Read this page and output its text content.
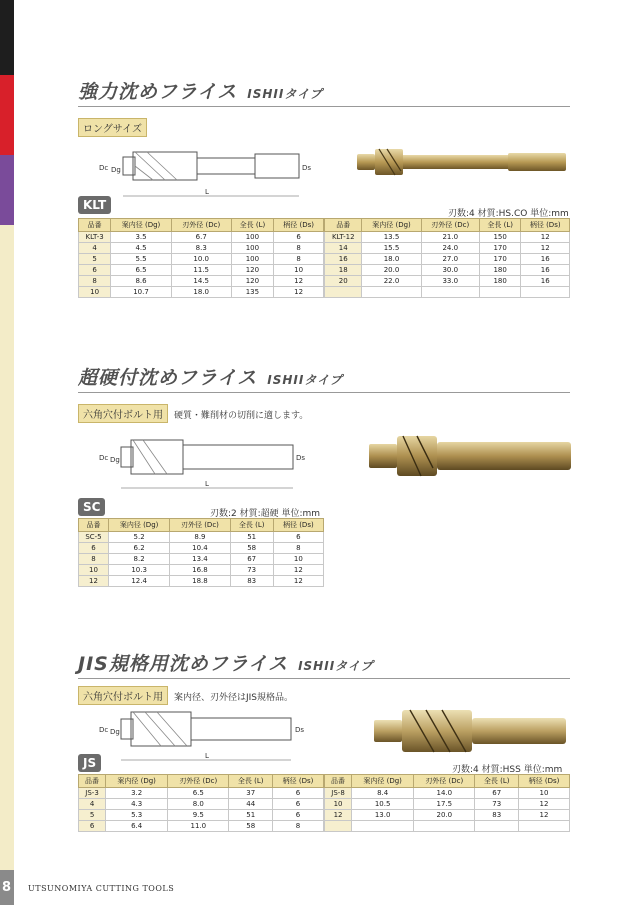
強力沈めフライス ISHIIタイプ
ロングサイズ
L
Dc Dg	Ds
KLT
刃数:4 材質:HS.CO 単位:mm
品番	案内径 (Dg)	刃外径 (Dc)	全長 (L)	柄径 (Ds)
KLT-3	3.5	6.7	100	6
4	4.5	8.3	100	8
5	5.5	10.0	100	8
6	6.5	11.5	120	10
8	8.6	14.5	120	12
10	10.7	18.0	135	12
品番	案内径 (Dg)	刃外径 (Dc)	全長 (L)	柄径 (Ds)
KLT-12	13.5	21.0	150	12
14	15.5	24.0	170	12
16	18.0	27.0	170	16
18	20.0	30.0	180	16
20	22.0	33.0	180	16

超硬付沈めフライス ISHIIタイプ
六角穴付ボルト用 硬質・難削材の切削に適します。
L
Dc Dg	Ds
SC	刃数:2 材質:超硬 単位:mm
品番	案内径 (Dg)	刃外径 (Dc)	全長 (L)	柄径 (Ds)
SC-5	5.2	8.9	51	6
6	6.2	10.4	58	8
8	8.2	13.4	67	10
10	10.3	16.8	73	12
12	12.4	18.8	83	12
JIS規格用沈めフライス ISHIIタイプ
六角穴付ボルト用 案内径、刃外径はJIS規格品。
L
Dc Dg	Ds
JS	刃数:4 材質:HSS 単位:mm
品番	案内径 (Dg)	刃外径 (Dc)	全長 (L)	柄径 (Ds)
JS-3	3.2	6.5	37	6
4	4.3	8.0	44	6
5	5.3	9.5	51	6
6	6.4	11.0	58	8
品番	案内径 (Dg)	刃外径 (Dc)	全長 (L)	柄径 (Ds)
JS-8	8.4	14.0	67	10
10	10.5	17.5	73	12
12	13.0	20.0	83	12

8 UTSUNOMIYA CUTTING TOOLS
